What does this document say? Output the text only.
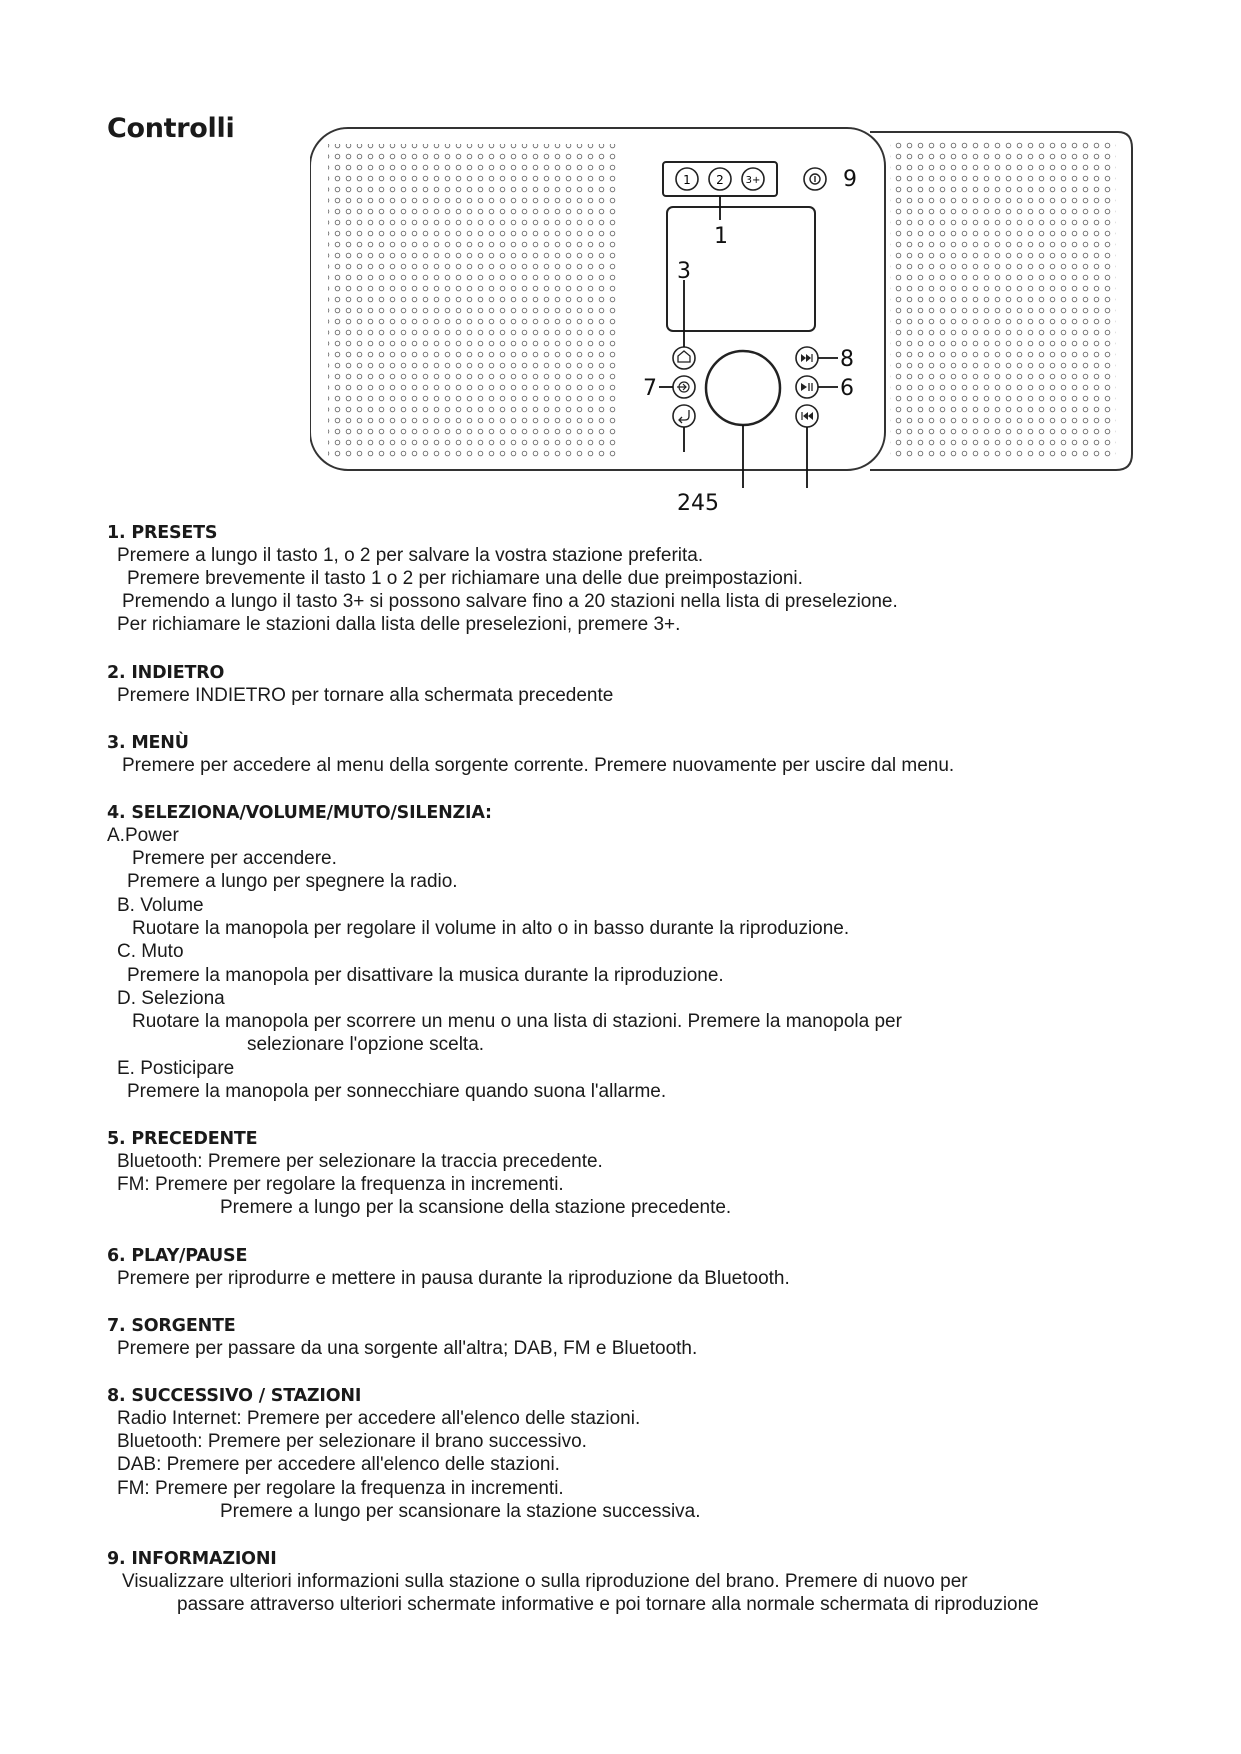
Controlli
1 2 3+
1
3
8
7	6
9
245
1. PRESETS
Premere a lungo il tasto 1, o 2 per salvare la vostra stazione preferita.
Premere brevemente il tasto 1 o 2 per richiamare una delle due preimpostazioni.
Premendo a lungo il tasto 3+ si possono salvare fino a 20 stazioni nella lista di preselezione.
Per richiamare le stazioni dalla lista delle preselezioni, premere 3+.
2. INDIETRO
Premere INDIETRO per tornare alla schermata precedente
3. MENÙ
Premere per accedere al menu della sorgente corrente. Premere nuovamente per uscire dal menu.
4. SELEZIONA/VOLUME/MUTO/SILENZIA:
A.Power
Premere per accendere.
Premere a lungo per spegnere la radio.
B. Volume
Ruotare la manopola per regolare il volume in alto o in basso durante la riproduzione.
C. Muto
Premere la manopola per disattivare la musica durante la riproduzione.
D. Seleziona
Ruotare la manopola per scorrere un menu o una lista di stazioni. Premere la manopola per
selezionare l'opzione scelta.
E. Posticipare
Premere la manopola per sonnecchiare quando suona l'allarme.
5. PRECEDENTE
Bluetooth: Premere per selezionare la traccia precedente.
FM: Premere per regolare la frequenza in incrementi.
Premere a lungo per la scansione della stazione precedente.
6. PLAY/PAUSE
Premere per riprodurre e mettere in pausa durante la riproduzione da Bluetooth.
7. SORGENTE
Premere per passare da una sorgente all'altra; DAB, FM e Bluetooth.
8. SUCCESSIVO / STAZIONI
Radio Internet: Premere per accedere all'elenco delle stazioni.
Bluetooth: Premere per selezionare il brano successivo.
DAB: Premere per accedere all'elenco delle stazioni.
FM: Premere per regolare la frequenza in incrementi.
Premere a lungo per scansionare la stazione successiva.
9. INFORMAZIONI
Visualizzare ulteriori informazioni sulla stazione o sulla riproduzione del brano. Premere di nuovo per
passare attraverso ulteriori schermate informative e poi tornare alla normale schermata di riproduzione
